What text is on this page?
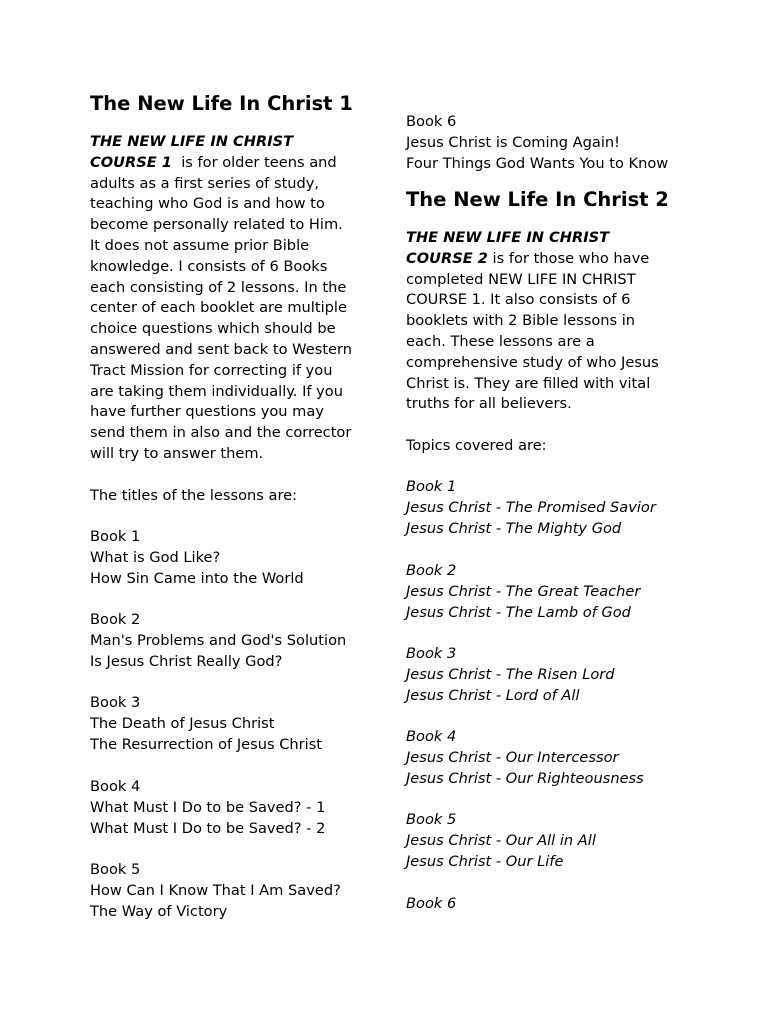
The New Life In Christ 1
THE NEW LIFE IN CHRIST
COURSE 1  is for older teens and
adults as a first series of study,
teaching who God is and how to
become personally related to Him.
It does not assume prior Bible
knowledge. I consists of 6 Books
each consisting of 2 lessons. In the
center of each booklet are multiple
choice questions which should be
answered and sent back to Western
Tract Mission for correcting if you
are taking them individually. If you
have further questions you may
send them in also and the corrector
will try to answer them.
The titles of the lessons are:
Book 1
What is God Like?
How Sin Came into the World
Book 2
Man's Problems and God's Solution
Is Jesus Christ Really God?
Book 3
The Death of Jesus Christ
The Resurrection of Jesus Christ
Book 4
What Must I Do to be Saved? - 1
What Must I Do to be Saved? - 2
Book 5
How Can I Know That I Am Saved?
The Way of Victory
Book 6
Jesus Christ is Coming Again!
Four Things God Wants You to Know
The New Life In Christ 2
THE NEW LIFE IN CHRIST
COURSE 2 is for those who have
completed NEW LIFE IN CHRIST
COURSE 1. It also consists of 6
booklets with 2 Bible lessons in
each. These lessons are a
comprehensive study of who Jesus
Christ is. They are filled with vital
truths for all believers.
Topics covered are:
Book 1
Jesus Christ - The Promised Savior
Jesus Christ - The Mighty God
Book 2
Jesus Christ - The Great Teacher
Jesus Christ - The Lamb of God
Book 3
Jesus Christ - The Risen Lord
Jesus Christ - Lord of All
Book 4
Jesus Christ - Our Intercessor
Jesus Christ - Our Righteousness
Book 5
Jesus Christ - Our All in All
Jesus Christ - Our Life
Book 6
